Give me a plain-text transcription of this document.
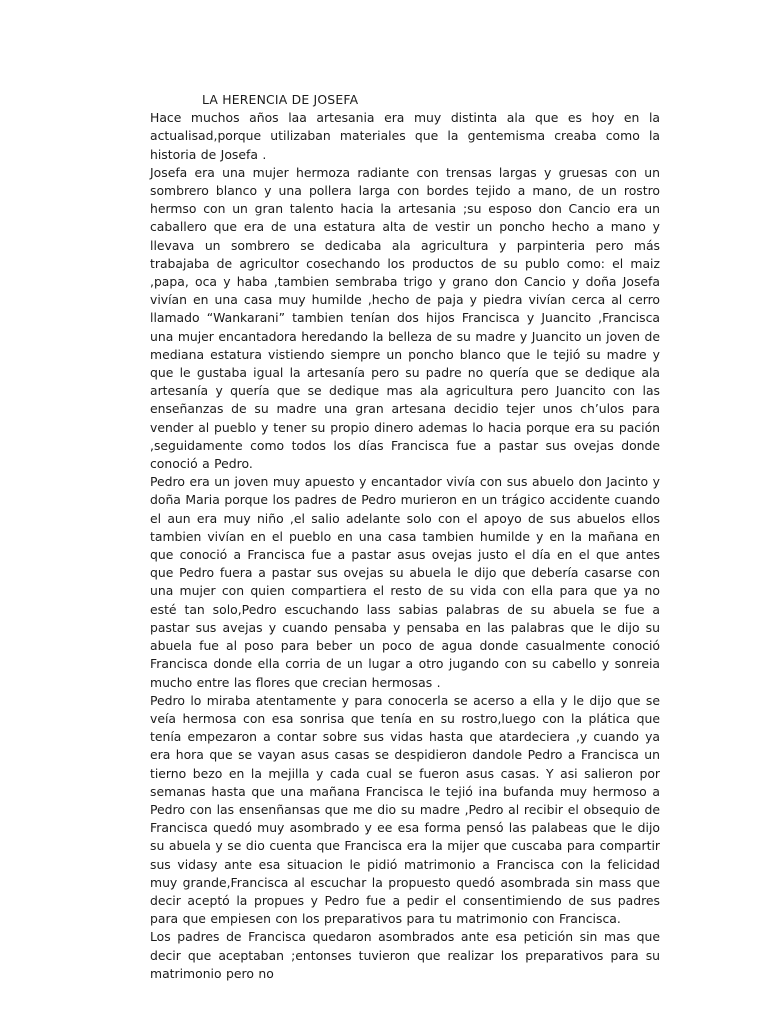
LA HERENCIA DE JOSEFA

Hace muchos años laa artesania era muy distinta ala que es hoy en la actualisad,porque utilizaban materiales que la gentemisma creaba como la historia de Josefa .

Josefa era una mujer hermoza radiante con trensas largas y gruesas con un sombrero blanco y una pollera larga con bordes tejido a mano, de un rostro hermso con un gran talento hacia la artesania ;su esposo don Cancio era un caballero que era de una estatura alta de vestir un poncho hecho a mano y llevava un sombrero se dedicaba ala agricultura y parpinteria pero más trabajaba de agricultor cosechando los productos de su publo como: el maiz ,papa, oca y haba ,tambien sembraba trigo y grano don Cancio y doña Josefa vivían en una casa muy humilde ,hecho de paja y piedra vivían cerca al cerro llamado “Wankarani” tambien tenían dos hijos Francisca y Juancito ,Francisca una mujer encantadora heredando la belleza de su madre y Juancito un joven de mediana estatura vistiendo siempre un poncho blanco que le tejió su madre y que le gustaba igual la artesanía pero su padre no quería que se dedique ala artesanía y quería que se dedique mas ala agricultura pero Juancito con las enseñanzas de su madre una gran artesana decidio tejer unos ch’ulos para vender al pueblo y tener su propio dinero ademas lo hacia porque era su pación ,seguidamente como todos los días Francisca fue a pastar sus ovejas donde conoció a Pedro.

Pedro era un joven muy apuesto y encantador vivía con sus abuelo don Jacinto y doña Maria porque los padres de Pedro murieron en un trágico accidente cuando el aun era muy niño ,el salio adelante solo con el apoyo de sus abuelos ellos tambien vivían en el pueblo en una casa tambien humilde y en la mañana en que conoció a Francisca fue a pastar asus ovejas justo el día en el que antes que Pedro fuera a pastar sus ovejas su abuela le dijo que debería casarse con una mujer con quien compartiera el resto de su vida con ella para que ya no esté tan solo,Pedro escuchando lass sabias palabras de su abuela se fue a pastar sus avejas y cuando pensaba y pensaba en las palabras que le dijo su abuela fue al poso para beber un poco de agua donde casualmente conoció Francisca donde ella corria de un lugar a otro jugando con su cabello y sonreia mucho entre las flores que crecian hermosas .

Pedro lo miraba atentamente y para conocerla se acerso a ella y le dijo que se veía hermosa con esa sonrisa que tenía en su rostro,luego con la plática que tenía empezaron a contar sobre sus vidas hasta que atardeciera ,y cuando ya era hora que se vayan asus casas se despidieron dandole Pedro a Francisca un tierno bezo en la mejilla y cada cual se fueron asus casas. Y asi salieron por semanas hasta que una mañana Francisca le tejió ina bufanda muy hermoso a Pedro con las ensenñansas que me dio su madre ,Pedro al recibir el obsequio de Francisca quedó muy asombrado y ee esa forma pensó las palabeas que le dijo su abuela y se dio cuenta que Francisca era la mijer que cuscaba para compartir sus vidasy ante esa situacion le pidió matrimonio a Francisca con la felicidad muy grande,Francisca al escuchar la propuesto quedó asombrada sin mass que decir aceptó la propues y Pedro fue a pedir el consentimiendo de sus padres para que empiesen con los preparativos para tu matrimonio con Francisca.

Los padres de Francisca quedaron asombrados ante esa petición sin mas que decir que aceptaban ;entonses tuvieron que realizar los preparativos para su matrimonio pero no
